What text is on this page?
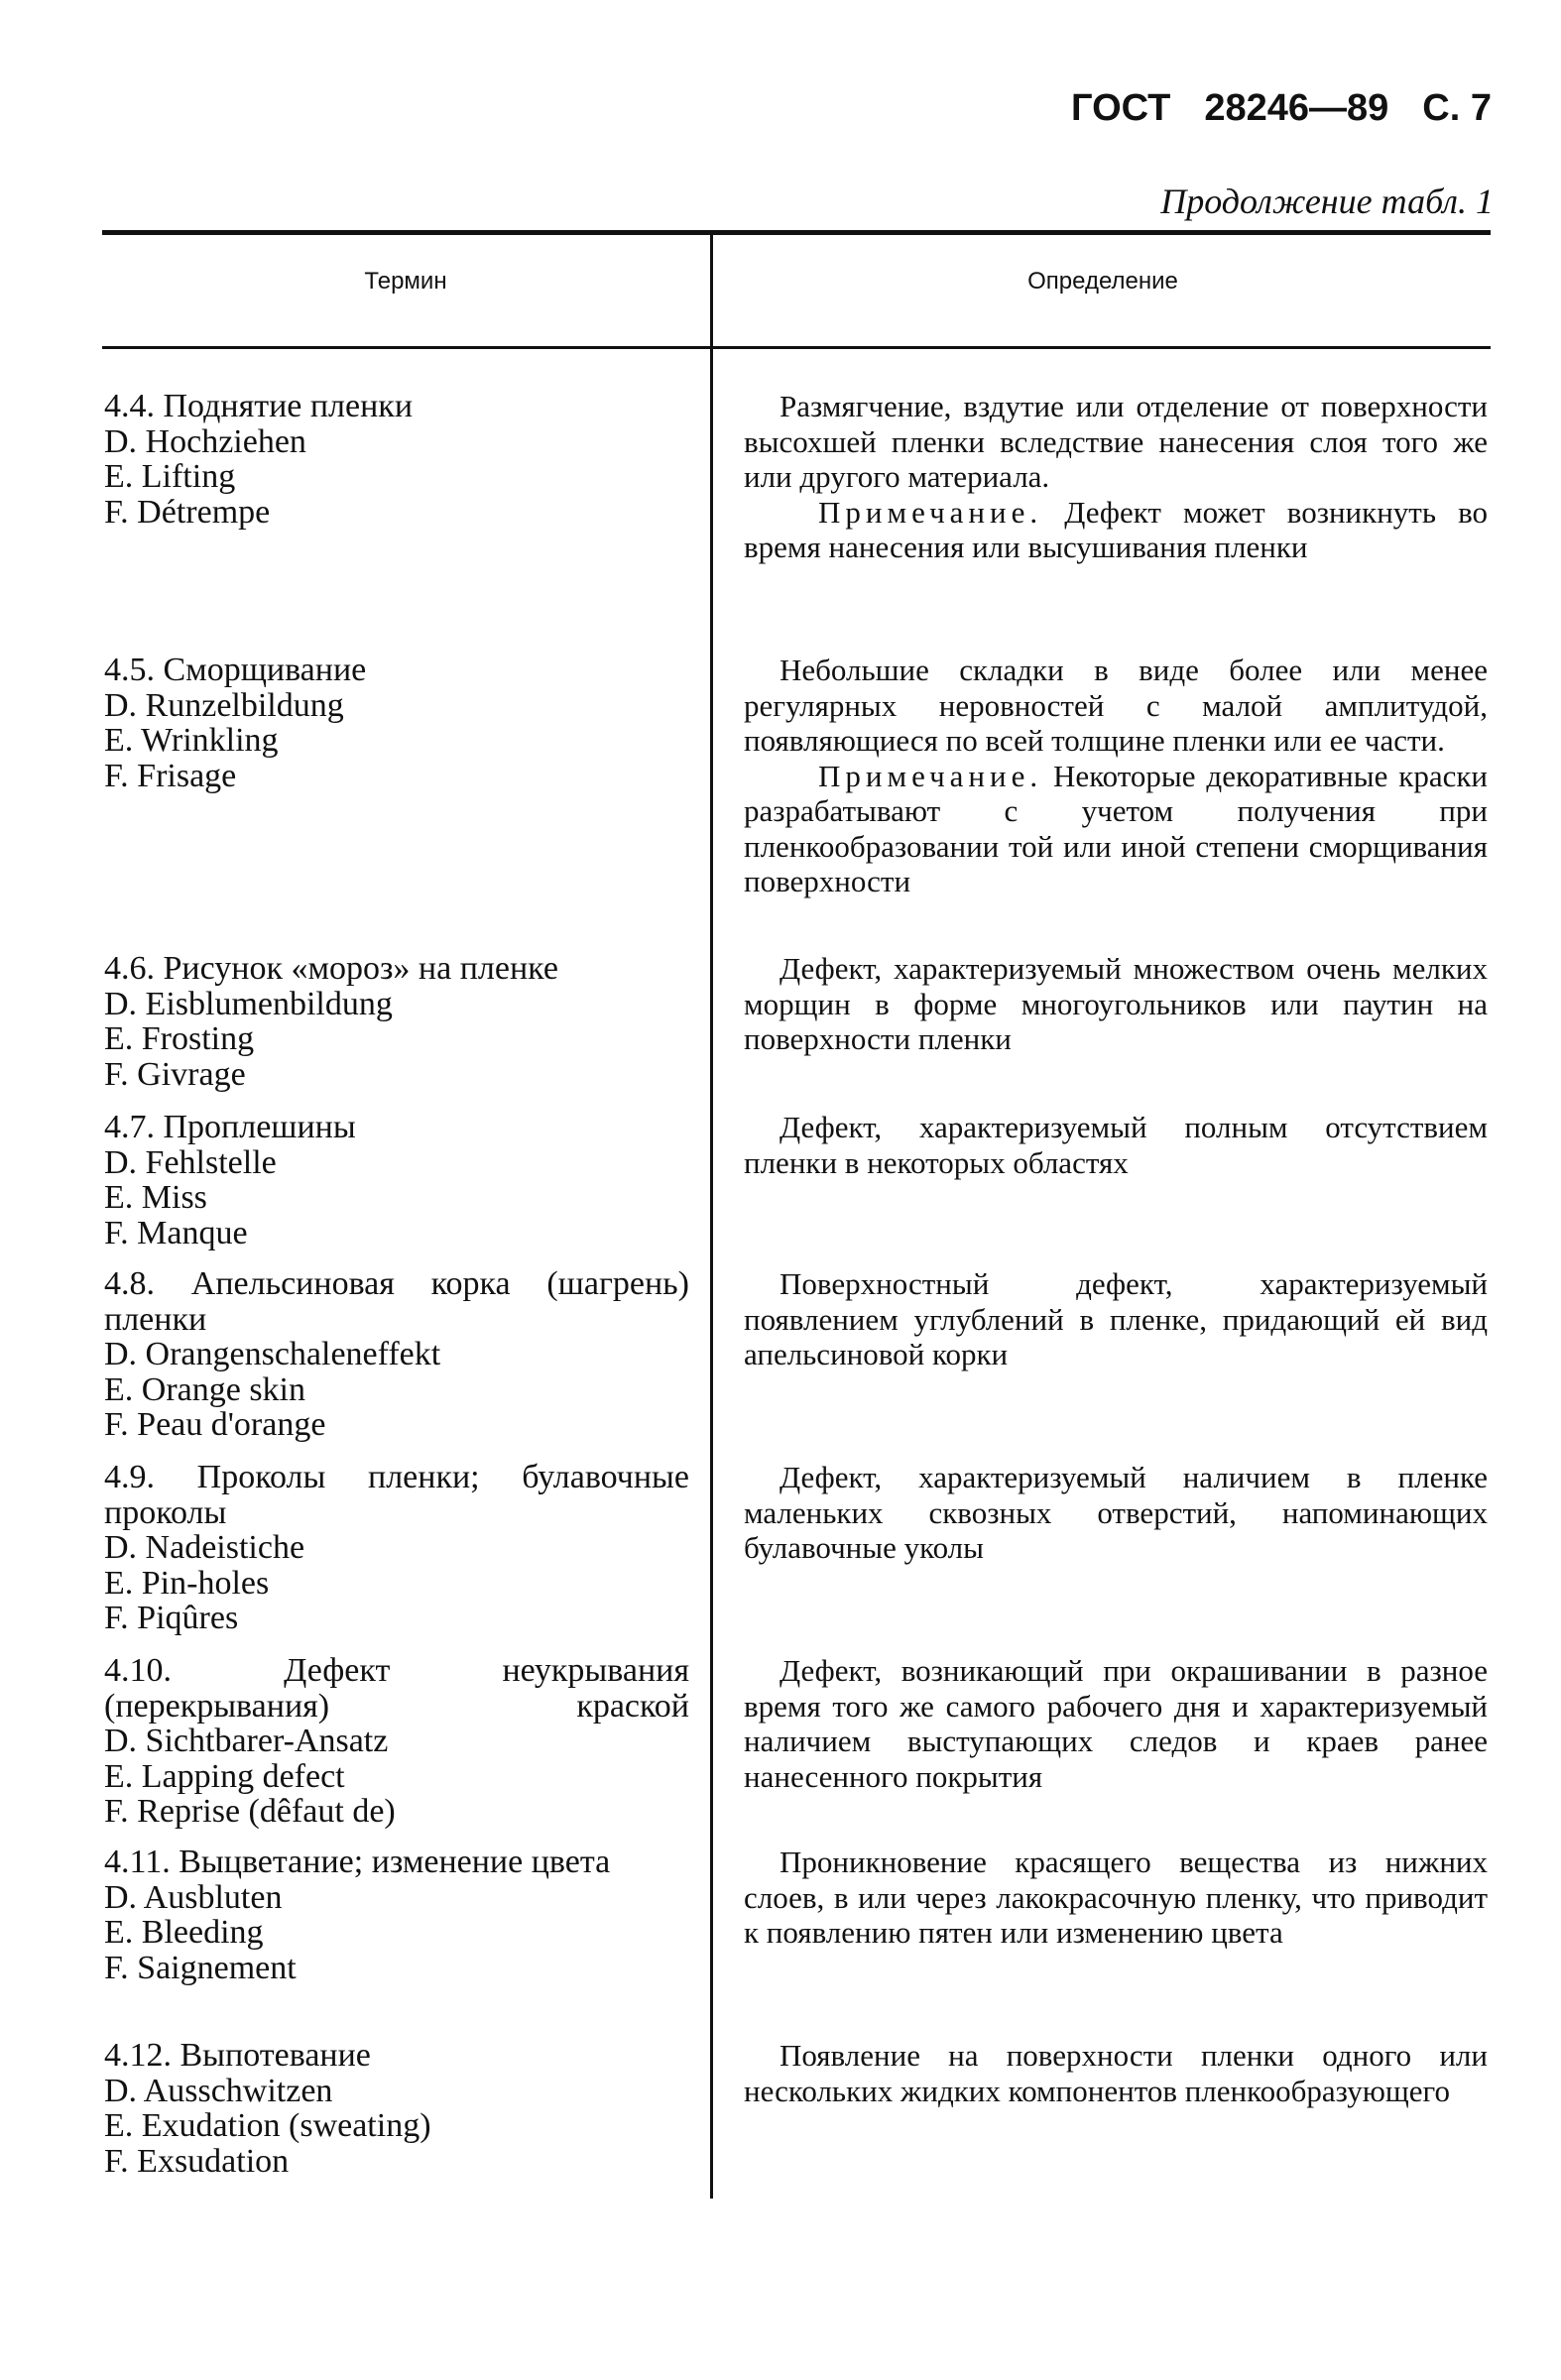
ГОСТ 28246—89 С. 7
Продолжение табл. 1
Термин	Определение
4.4. Поднятие пленки
D. Hochziehen
E. Lifting
F. Détrempe

Размягчение, вздутие или отделение от поверхности высохшей пленки вследствие нанесения слоя того же или другого материала.

Примечание. Дефект может возникнуть во время нанесения или высушивания пленки

4.5. Сморщивание
D. Runzelbildung
E. Wrinkling
F. Frisage

Небольшие складки в виде более или менее регулярных неровностей с малой амплитудой, появляющиеся по всей толщине пленки или ее части.

Примечание. Некоторые декоративные краски разрабатывают с учетом получения при пленкообразовании той или иной степени сморщивания поверхности

4.6. Рисунок «мороз» на пленке
D. Eisblumenbildung
E. Frosting
F. Givrage

Дефект, характеризуемый множеством очень мелких морщин в форме многоугольников или паутин на поверхности пленки

4.7. Проплешины
D. Fehlstelle
E. Miss
F. Manque

Дефект, характеризуемый полным отсутствием пленки в некоторых областях

4.8. Апельсиновая корка (шагрень) пленки
D. Orangenschaleneffekt
E. Orange skin
F. Peau d'orange

Поверхностный дефект, характеризуемый появлением углублений в пленке, придающий ей вид апельсиновой корки

4.9. Проколы пленки; булавочные проколы
D. Nadeistiche
E. Pin-holes
F. Piqûres

Дефект, характеризуемый наличием в пленке маленьких сквозных отверстий, напоминающих булавочные уколы

4.10. Дефект неукрывания (перекрывания) краской
D. Sichtbarer-Ansatz
E. Lapping defect
F. Reprise (dêfaut de)

Дефект, возникающий при окрашивании в разное время того же самого рабочего дня и характеризуемый наличием выступающих следов и краев ранее нанесенного покрытия

4.11. Выцветание; изменение цвета
D. Ausbluten
E. Bleeding
F. Saignement

Проникновение красящего вещества из нижних слоев, в или через лакокрасочную пленку, что приводит к появлению пятен или изменению цвета

4.12. Выпотевание
D. Ausschwitzen
E. Exudation (sweating)
F. Exsudation

Появление на поверхности пленки одного или нескольких жидких компонентов пленкообразующего
